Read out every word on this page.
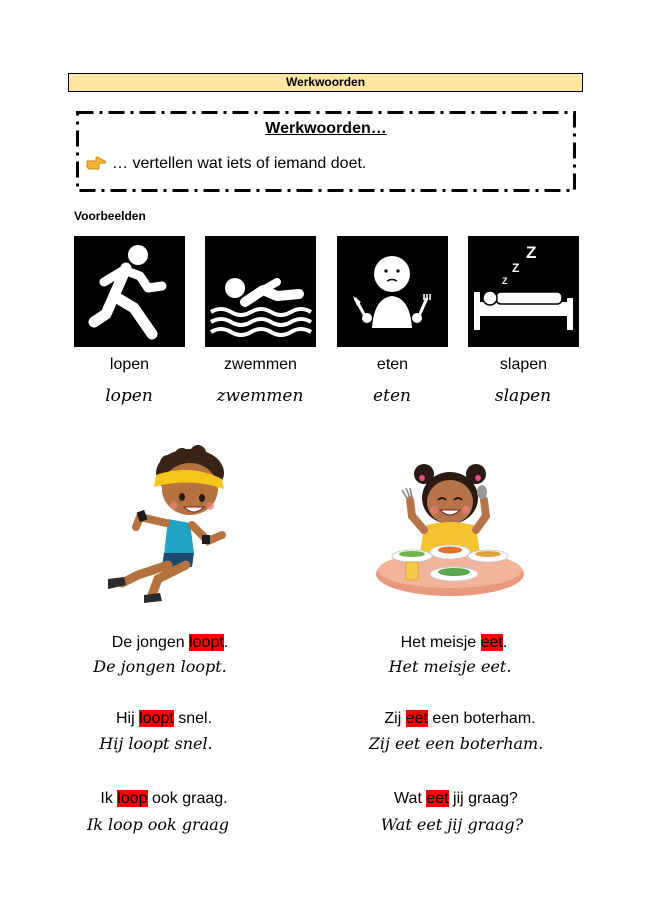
Werkwoorden
Werkwoorden…
… vertellen wat iets of iemand doet.
Voorbeelden
Z
Z
Z
lopen	zwemmen	eten	slapen
lopen	zwemmen	eten	slapen
De jongen loopt.
De jongen loopt.
Hij loopt snel.
Hij loopt snel.
Ik loop ook graag.
Ik loop ook graag
Het meisje eet.
Het meisje eet.
Zij eet een boterham.
Zij eet een boterham.
Wat eet jij graag?
Wat eet jij graag?
